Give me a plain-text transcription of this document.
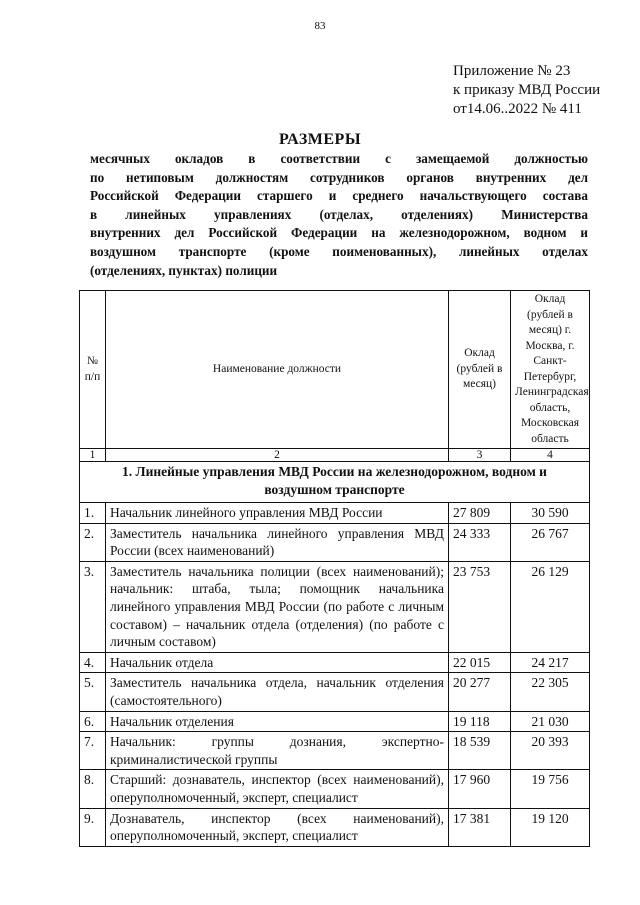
83
Приложение № 23
к приказу МВД России
от14.06..2022 № 411
РАЗМЕРЫ
месячных окладов в соответствии с замещаемой должностью
по нетиповым должностям сотрудников органов внутренних дел
Российской Федерации старшего и среднего начальствующего состава
в линейных управлениях (отделах, отделениях) Министерства
внутренних дел Российской Федерации на железнодорожном, водном и
воздушном транспорте (кроме поименованных), линейных отделах
(отделениях, пунктах) полиции
№ п/п	Наименование должности	Оклад (рублей в месяц)	Оклад (рублей в месяц) г. Москва, г. Санкт-Петербург, Ленинградская область, Московская область
1	2	3	4
1. Линейные управления МВД России на железнодорожном, водном и воздушном транспорте			
1.	Начальник линейного управления МВД России	27 809	30 590
2.	Заместитель начальника линейного управления МВД России (всех наименований)	24 333	26 767
3.	Заместитель начальника полиции (всех наименований); начальник: штаба, тыла; помощник начальника линейного управления МВД России (по работе с личным составом) – начальник отдела (отделения) (по работе с личным составом)	23 753	26 129
4.	Начальник отдела	22 015	24 217
5.	Заместитель начальника отдела, начальник отделения (самостоятельного)	20 277	22 305
6.	Начальник отделения	19 118	21 030
7.	Начальник: группы дознания, экспертно-криминалистической группы	18 539	20 393
8.	Старший: дознаватель, инспектор (всех наименований), оперуполномоченный, эксперт, специалист	17 960	19 756
9.	Дознаватель, инспектор (всех наименований), оперуполномоченный, эксперт, специалист	17 381	19 120
